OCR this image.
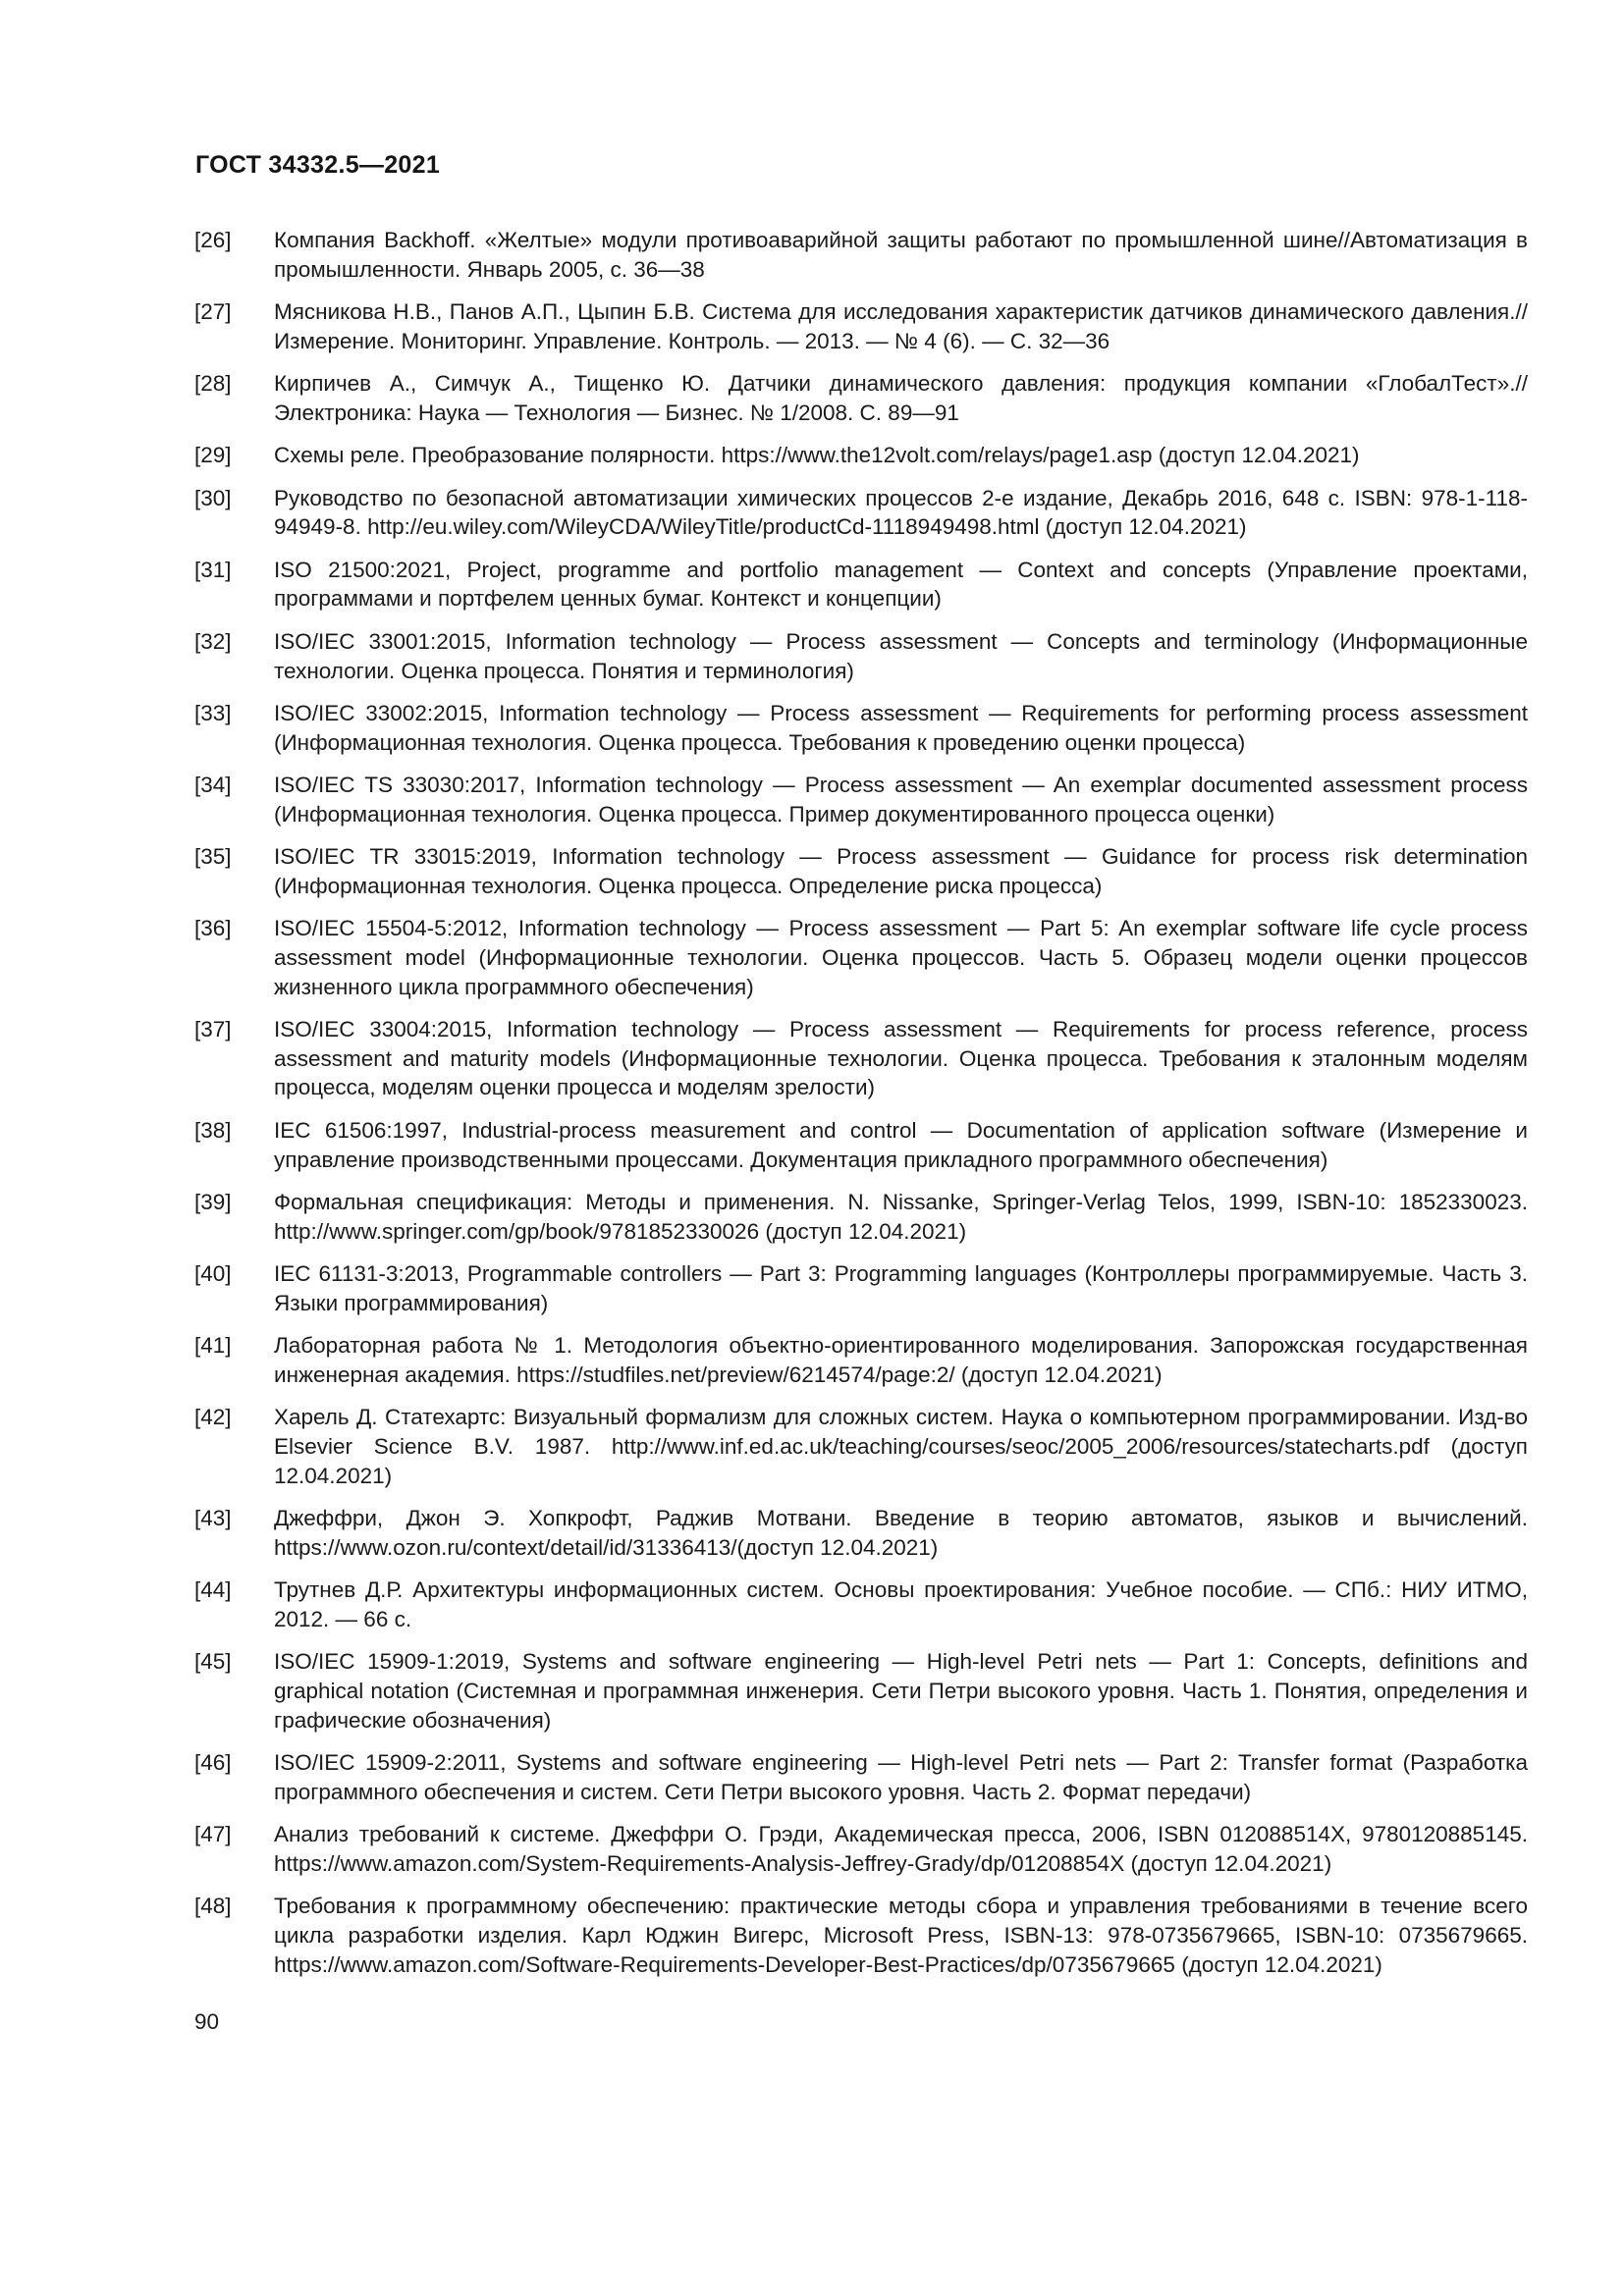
ГОСТ 34332.5—2021
[26]	Компания Backhoff. «Желтые» модули противоаварийной защиты работают по промышленной шине//Автоматизация в промышленности. Январь 2005, с. 36—38
[27]	Мясникова Н.В., Панов А.П., Цыпин Б.В. Система для исследования характеристик датчиков динамического давления.//Измерение. Мониторинг. Управление. Контроль. — 2013. — № 4 (6). — С. 32—36
[28]	Кирпичев А., Симчук А., Тищенко Ю. Датчики динамического давления: продукция компании «ГлобалТест».// Электроника: Наука — Технология — Бизнес. № 1/2008. С. 89—91
[29]	Схемы реле. Преобразование полярности. https://www.the12volt.com/relays/page1.asp (доступ 12.04.2021)
[30]	Руководство по безопасной автоматизации химических процессов 2-е издание, Декабрь 2016, 648 с. ISBN: 978-1-118-94949-8. http://eu.wiley.com/WileyCDA/WileyTitle/productCd-1118949498.html (доступ 12.04.2021)
[31]	ISO 21500:2021, Project, programme and portfolio management — Context and concepts (Управление проектами, программами и портфелем ценных бумаг. Контекст и концепции)
[32]	ISO/IEC 33001:2015, Information technology — Process assessment — Concepts and terminology (Информационные технологии. Оценка процесса. Понятия и терминология)
[33]	ISO/IEC 33002:2015, Information technology — Process assessment — Requirements for performing process assessment (Информационная технология. Оценка процесса. Требования к проведению оценки процесса)
[34]	ISO/IEC TS 33030:2017, Information technology — Process assessment — An exemplar documented assessment process (Информационная технология. Оценка процесса. Пример документированного процесса оценки)
[35]	ISO/IEC TR 33015:2019, Information technology — Process assessment — Guidance for process risk determination (Информационная технология. Оценка процесса. Определение риска процесса)
[36]	ISO/IEC 15504-5:2012, Information technology — Process assessment — Part 5: An exemplar software life cycle process assessment model (Информационные технологии. Оценка процессов. Часть 5. Образец модели оценки процессов жизненного цикла программного обеспечения)
[37]	ISO/IEC 33004:2015, Information technology — Process assessment — Requirements for process reference, process assessment and maturity models (Информационные технологии. Оценка процесса. Требования к эталонным моделям процесса, моделям оценки процесса и моделям зрелости)
[38]	IEC 61506:1997, Industrial-process measurement and control — Documentation of application software (Измерение и управление производственными процессами. Документация прикладного программного обеспечения)
[39]	Формальная спецификация: Методы и применения. N. Nissanke, Springer-Verlag Telos, 1999, ISBN-10: 1852330023. http://www.springer.com/gp/book/9781852330026 (доступ 12.04.2021)
[40]	IEC 61131-3:2013, Programmable controllers — Part 3: Programming languages (Контроллеры программируемые. Часть 3. Языки программирования)
[41]	Лабораторная работа № 1. Методология объектно-ориентированного моделирования. Запорожская государственная инженерная академия. https://studfiles.net/preview/6214574/page:2/ (доступ 12.04.2021)
[42]	Харель Д. Статехартс: Визуальный формализм для сложных систем. Наука о компьютерном программировании. Изд-во Elsevier Science B.V. 1987. http://www.inf.ed.ac.uk/teaching/courses/seoc/2005_2006/resources/statecharts.pdf (доступ 12.04.2021)
[43]	Джеффри, Джон Э. Хопкрофт, Раджив Мотвани. Введение в теорию автоматов, языков и вычислений. https://www.ozon.ru/context/detail/id/31336413/(доступ 12.04.2021)
[44]	Трутнев Д.Р. Архитектуры информационных систем. Основы проектирования: Учебное пособие. — СПб.: НИУ ИТМО, 2012. — 66 с.
[45]	ISO/IEC 15909-1:2019, Systems and software engineering — High-level Petri nets — Part 1: Concepts, definitions and graphical notation (Системная и программная инженерия. Сети Петри высокого уровня. Часть 1. Понятия, определения и графические обозначения)
[46]	ISO/IEC 15909-2:2011, Systems and software engineering — High-level Petri nets — Part 2: Transfer format (Разработка программного обеспечения и систем. Сети Петри высокого уровня. Часть 2. Формат передачи)
[47]	Анализ требований к системе. Джеффри О. Грэди, Академическая пресса, 2006, ISBN 012088514X, 9780120885145. https://www.amazon.com/System-Requirements-Analysis-Jeffrey-Grady/dp/01208854X (доступ 12.04.2021)
[48]	Требования к программному обеспечению: практические методы сбора и управления требованиями в течение всего цикла разработки изделия. Карл Юджин Вигерс, Microsoft Press, ISBN-13: 978-0735679665, ISBN-10: 0735679665. https://www.amazon.com/Software-Requirements-Developer-Best-Practices/dp/0735679665 (доступ 12.04.2021)
90
